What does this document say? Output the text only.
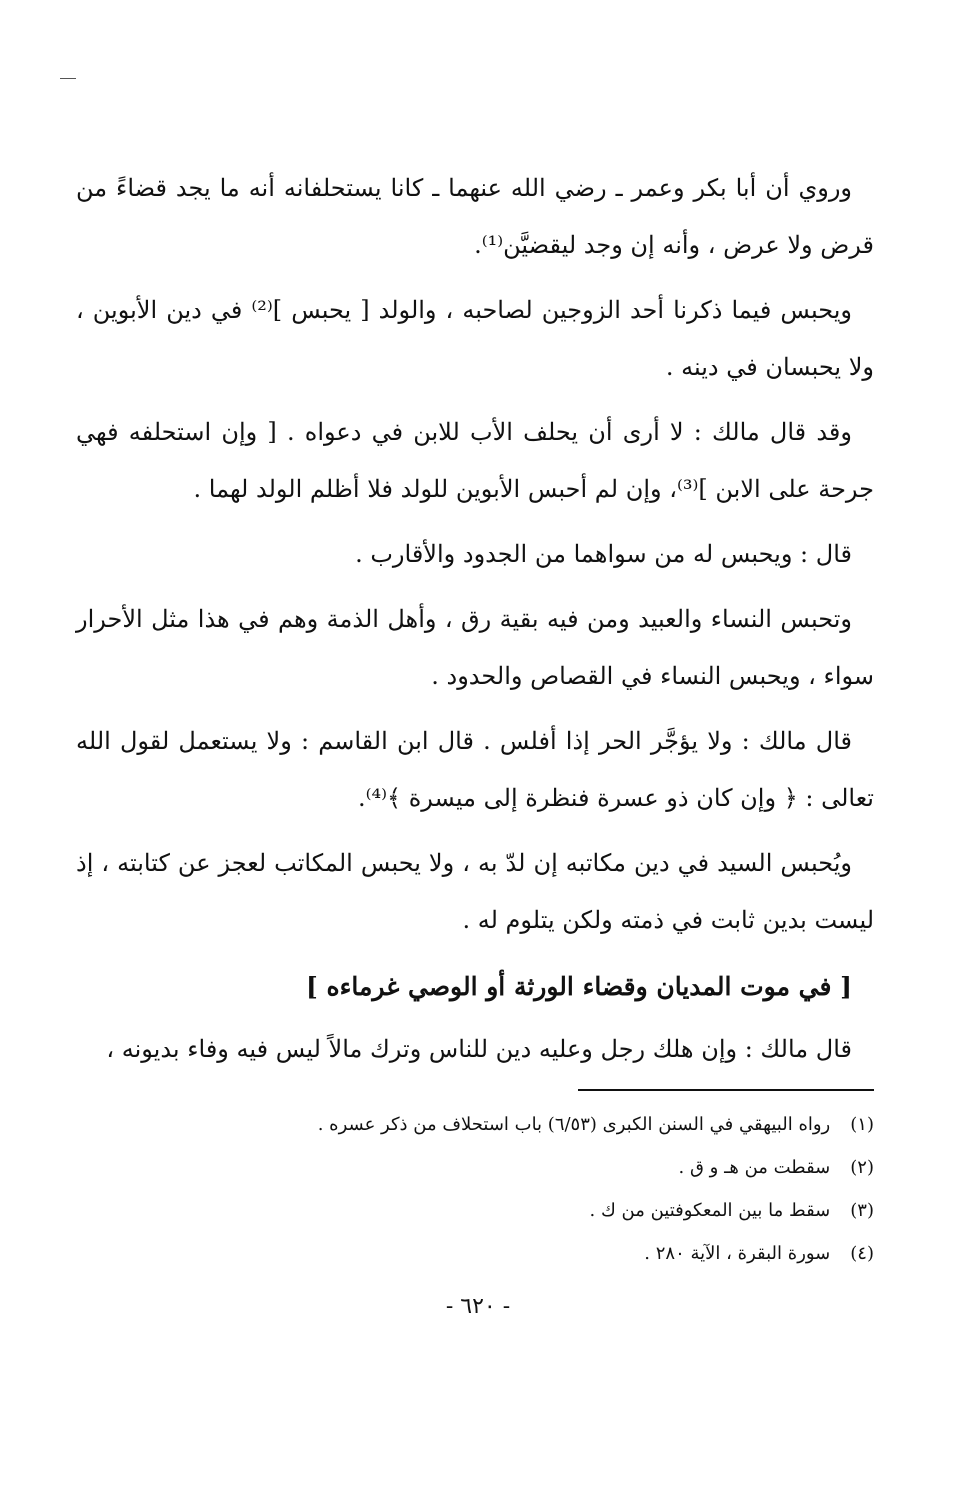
وروي أن أبا بكر وعمر ـ رضي الله عنهما ـ كانا يستحلفانه أنه ما يجد قضاءً من قرض ولا عرض ، وأنه إن وجد ليقضيَّن⁽¹⁾.

ويحبس فيما ذكرنا أحد الزوجين لصاحبه ، والولد [ يحبس ]⁽²⁾ في دين الأبوين ، ولا يحبسان في دينه .

وقد قال مالك : لا أرى أن يحلف الأب للابن في دعواه . [ وإن استحلفه فهي جرحة على الابن ]⁽³⁾، وإن لم أحبس الأبوين للولد فلا أظلم الولد لهما .

قال : ويحبس له من سواهما من الجدود والأقارب .

وتحبس النساء والعبيد ومن فيه بقية رق ، وأهل الذمة وهم في هذا مثل الأحرار سواء ، ويحبس النساء في القصاص والحدود .

قال مالك : ولا يؤجَّر الحر إذا أفلس . قال ابن القاسم : ولا يستعمل لقول الله تعالى : ﴿ وإن كان ذو عسرة فنظرة إلى ميسرة ﴾⁽⁴⁾.

ويُحبس السيد في دين مكاتبه إن لدّ به ، ولا يحبس المكاتب لعجز عن كتابته ، إذ ليست بدين ثابت في ذمته ولكن يتلوم له .

[ في موت المديان وقضاء الورثة أو الوصي غرماءه ]

قال مالك : وإن هلك رجل وعليه دين للناس وترك مالاً ليس فيه وفاء بديونه ،

(١) رواه البيهقي في السنن الكبرى (٦/٥٣) باب استحلاف من ذكر عسره .
(٢) سقطت من هـ و ق .
(٣) سقط ما بين المعكوفتين من ك .
(٤) سورة البقرة ، الآية ٢٨٠ .
- ٦٢٠ -
